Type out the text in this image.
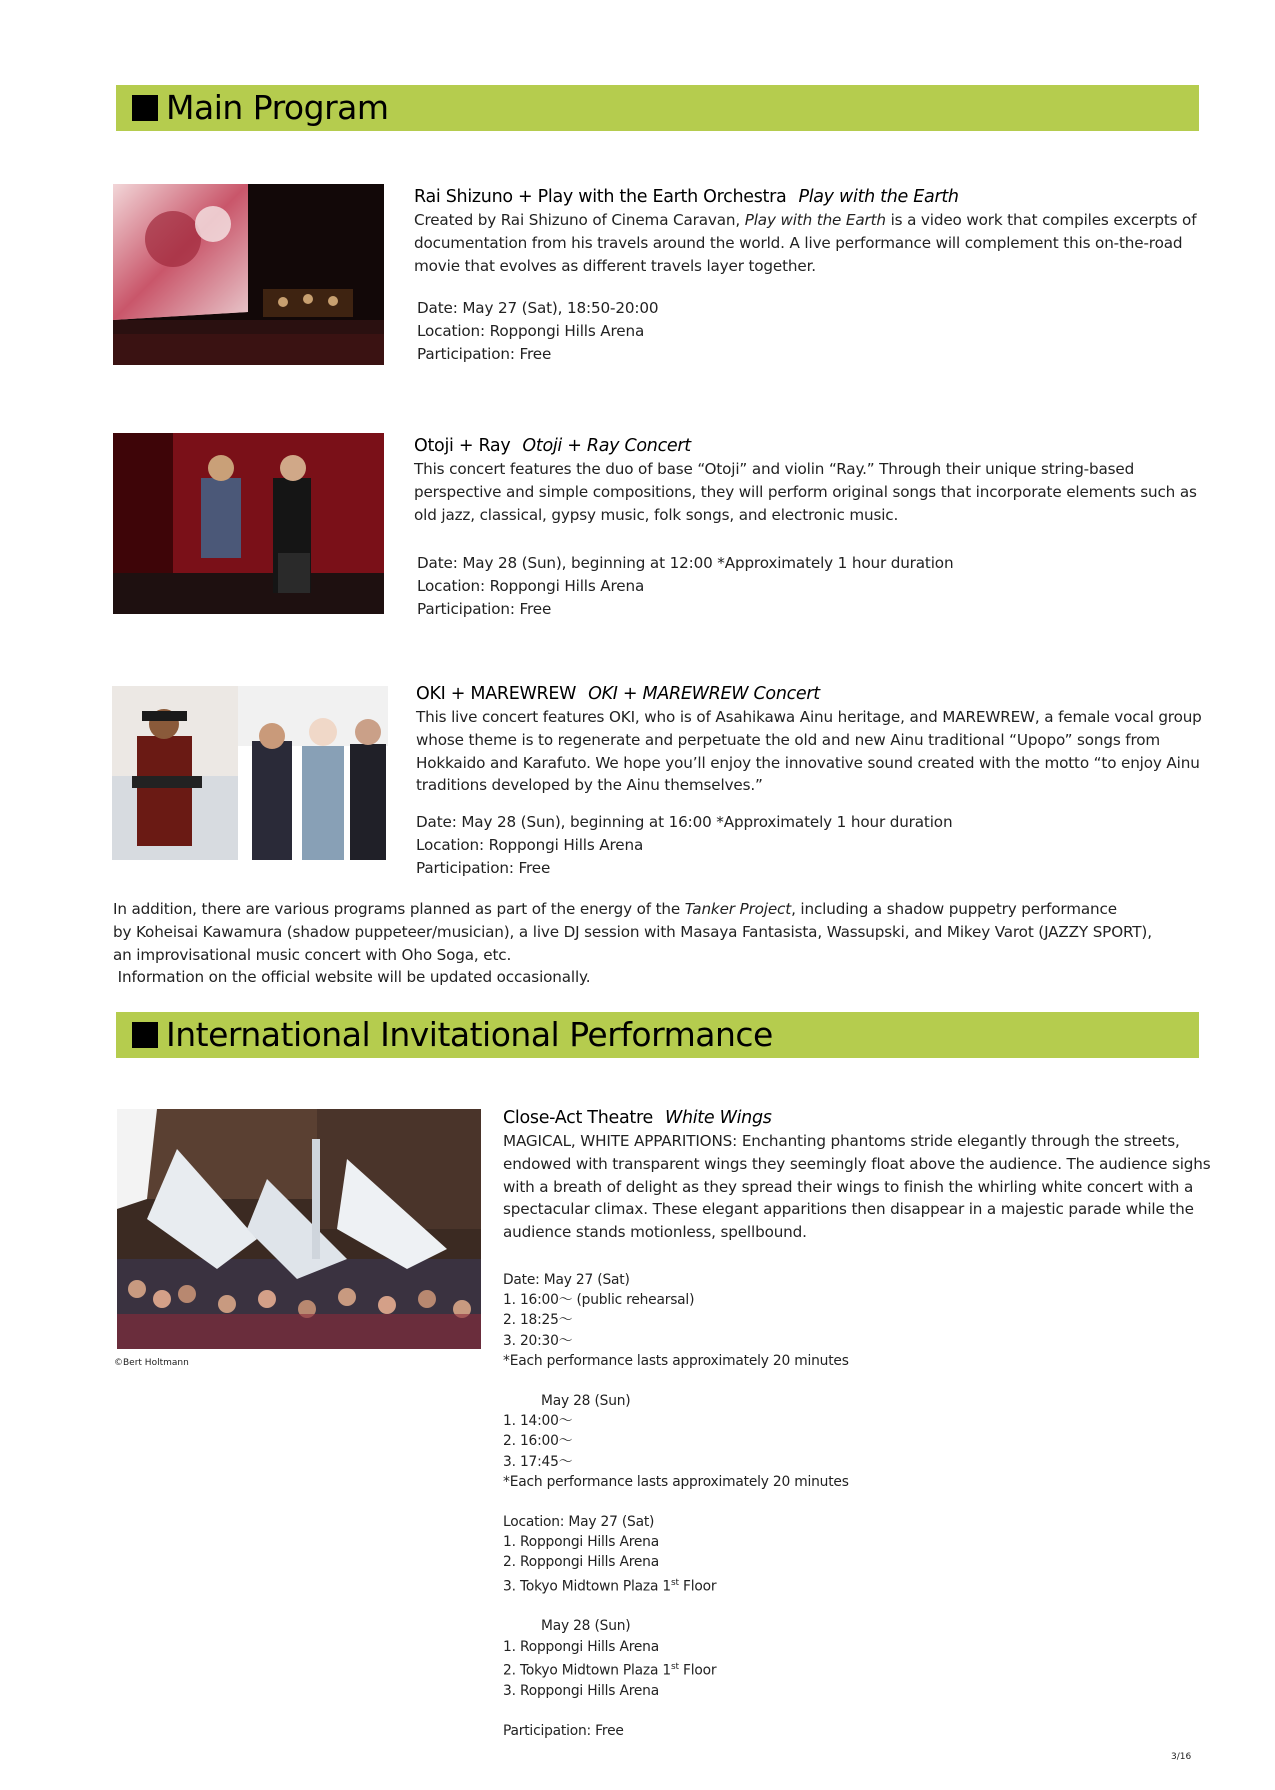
Main Program
Rai Shizuno + Play with the Earth Orchestra Play with the Earth
Created by Rai Shizuno of Cinema Caravan, Play with the Earth is a video work that compiles excerpts of documentation from his travels around the world. A live performance will complement this on-the-road movie that evolves as different travels layer together.
Date: May 27 (Sat), 18:50-20:00
Location: Roppongi Hills Arena
Participation: Free
Otoji + Ray Otoji + Ray Concert
This concert features the duo of base “Otoji” and violin “Ray.” Through their unique string-based perspective and simple compositions, they will perform original songs that incorporate elements such as old jazz, classical, gypsy music, folk songs, and electronic music.
Date: May 28 (Sun), beginning at 12:00 *Approximately 1 hour duration
Location: Roppongi Hills Arena
Participation: Free
OKI + MAREWREW OKI + MAREWREW Concert
This live concert features OKI, who is of Asahikawa Ainu heritage, and MAREWREW, a female vocal group whose theme is to regenerate and perpetuate the old and new Ainu traditional “Upopo” songs from Hokkaido and Karafuto. We hope you’ll enjoy the innovative sound created with the motto “to enjoy Ainu traditions developed by the Ainu themselves.”
Date: May 28 (Sun), beginning at 16:00 *Approximately 1 hour duration
Location: Roppongi Hills Arena
Participation: Free
In addition, there are various programs planned as part of the energy of the Tanker Project, including a shadow puppetry performance
by Koheisai Kawamura (shadow puppeteer/musician), a live DJ session with Masaya Fantasista, Wassupski, and Mikey Varot (JAZZY SPORT),
an improvisational music concert with Oho Soga, etc.
Information on the official website will be updated occasionally.
International Invitational Performance
©Bert Holtmann
Close-Act Theatre White Wings
MAGICAL, WHITE APPARITIONS: Enchanting phantoms stride elegantly through the streets, endowed with transparent wings they seemingly float above the audience. The audience sighs with a breath of delight as they spread their wings to finish the whirling white concert with a spectacular climax. These elegant apparitions then disappear in a majestic parade while the audience stands motionless, spellbound.
Date: May 27 (Sat)
1. 16:00～ (public rehearsal)
2. 18:25～
3. 20:30～
*Each performance lasts approximately 20 minutes
May 28 (Sun)
1. 14:00～
2. 16:00～
3. 17:45～
*Each performance lasts approximately 20 minutes
Location: May 27 (Sat)
1. Roppongi Hills Arena
2. Roppongi Hills Arena
3. Tokyo Midtown Plaza 1st Floor
May 28 (Sun)
1. Roppongi Hills Arena
2. Tokyo Midtown Plaza 1st Floor
3. Roppongi Hills Arena
Participation: Free
3/16
